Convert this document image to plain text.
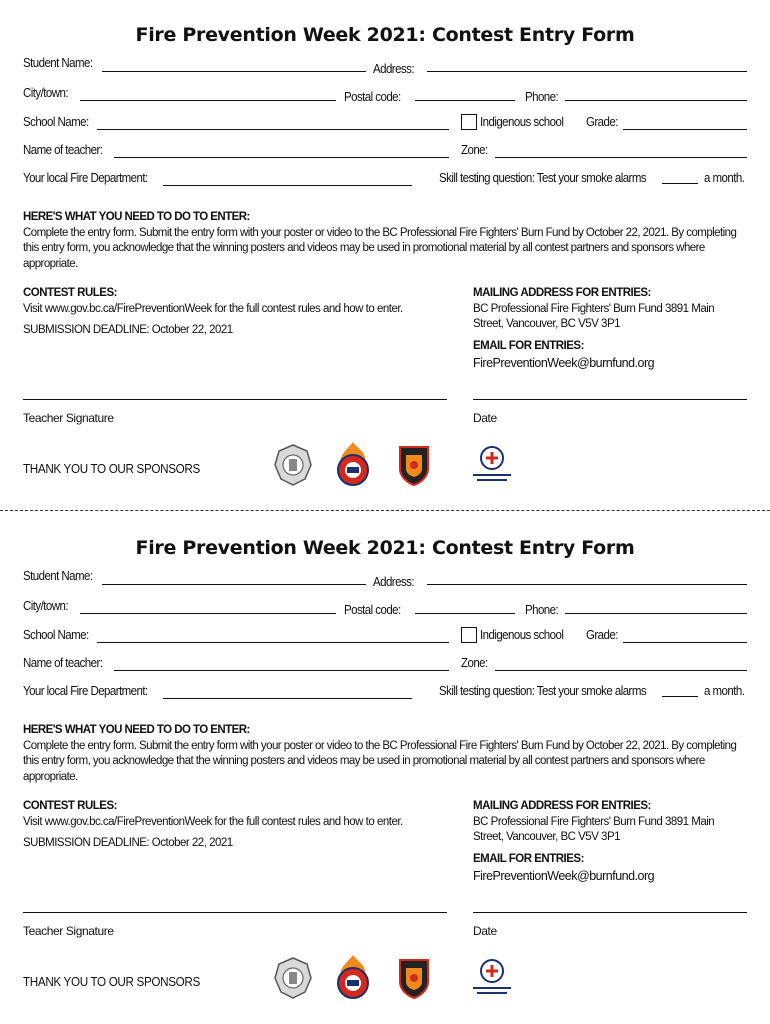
Fire Prevention Week 2021: Contest Entry Form
Student Name:	Address:
City/town:	Postal code:	Phone:
School Name:	Indigenous school Grade:
Name of teacher:	Zone:
Your local Fire Department:	Skill testing question: Test your smoke alarms	a month.
HERE'S WHAT YOU NEED TO DO TO ENTER:
Complete the entry form. Submit the entry form with your poster or video to the BC Professional Fire Fighters' Burn Fund by October 22, 2021. By completing this entry form, you acknowledge that the winning posters and videos may be used in promotional material by all contest partners and sponsors where appropriate.
CONTEST RULES:
Visit www.gov.bc.ca/FirePreventionWeek for the full contest rules and how to enter.
SUBMISSION DEADLINE: October 22, 2021
MAILING ADDRESS FOR ENTRIES:
BC Professional Fire Fighters' Burn Fund 3891 Main Street, Vancouver, BC V5V 3P1
EMAIL FOR ENTRIES:
FirePreventionWeek@burnfund.org
Teacher Signature	Date
THANK YOU TO OUR SPONSORS
Fire Prevention Week 2021: Contest Entry Form
Student Name:	Address:
City/town:	Postal code:	Phone:
School Name:	Indigenous school Grade:
Name of teacher:	Zone:
Your local Fire Department:	Skill testing question: Test your smoke alarms	a month.
HERE'S WHAT YOU NEED TO DO TO ENTER:
Complete the entry form. Submit the entry form with your poster or video to the BC Professional Fire Fighters' Burn Fund by October 22, 2021. By completing this entry form, you acknowledge that the winning posters and videos may be used in promotional material by all contest partners and sponsors where appropriate.
CONTEST RULES:
Visit www.gov.bc.ca/FirePreventionWeek for the full contest rules and how to enter.
SUBMISSION DEADLINE: October 22, 2021
MAILING ADDRESS FOR ENTRIES:
BC Professional Fire Fighters' Burn Fund 3891 Main Street, Vancouver, BC V5V 3P1
EMAIL FOR ENTRIES:
FirePreventionWeek@burnfund.org
Teacher Signature	Date
THANK YOU TO OUR SPONSORS
